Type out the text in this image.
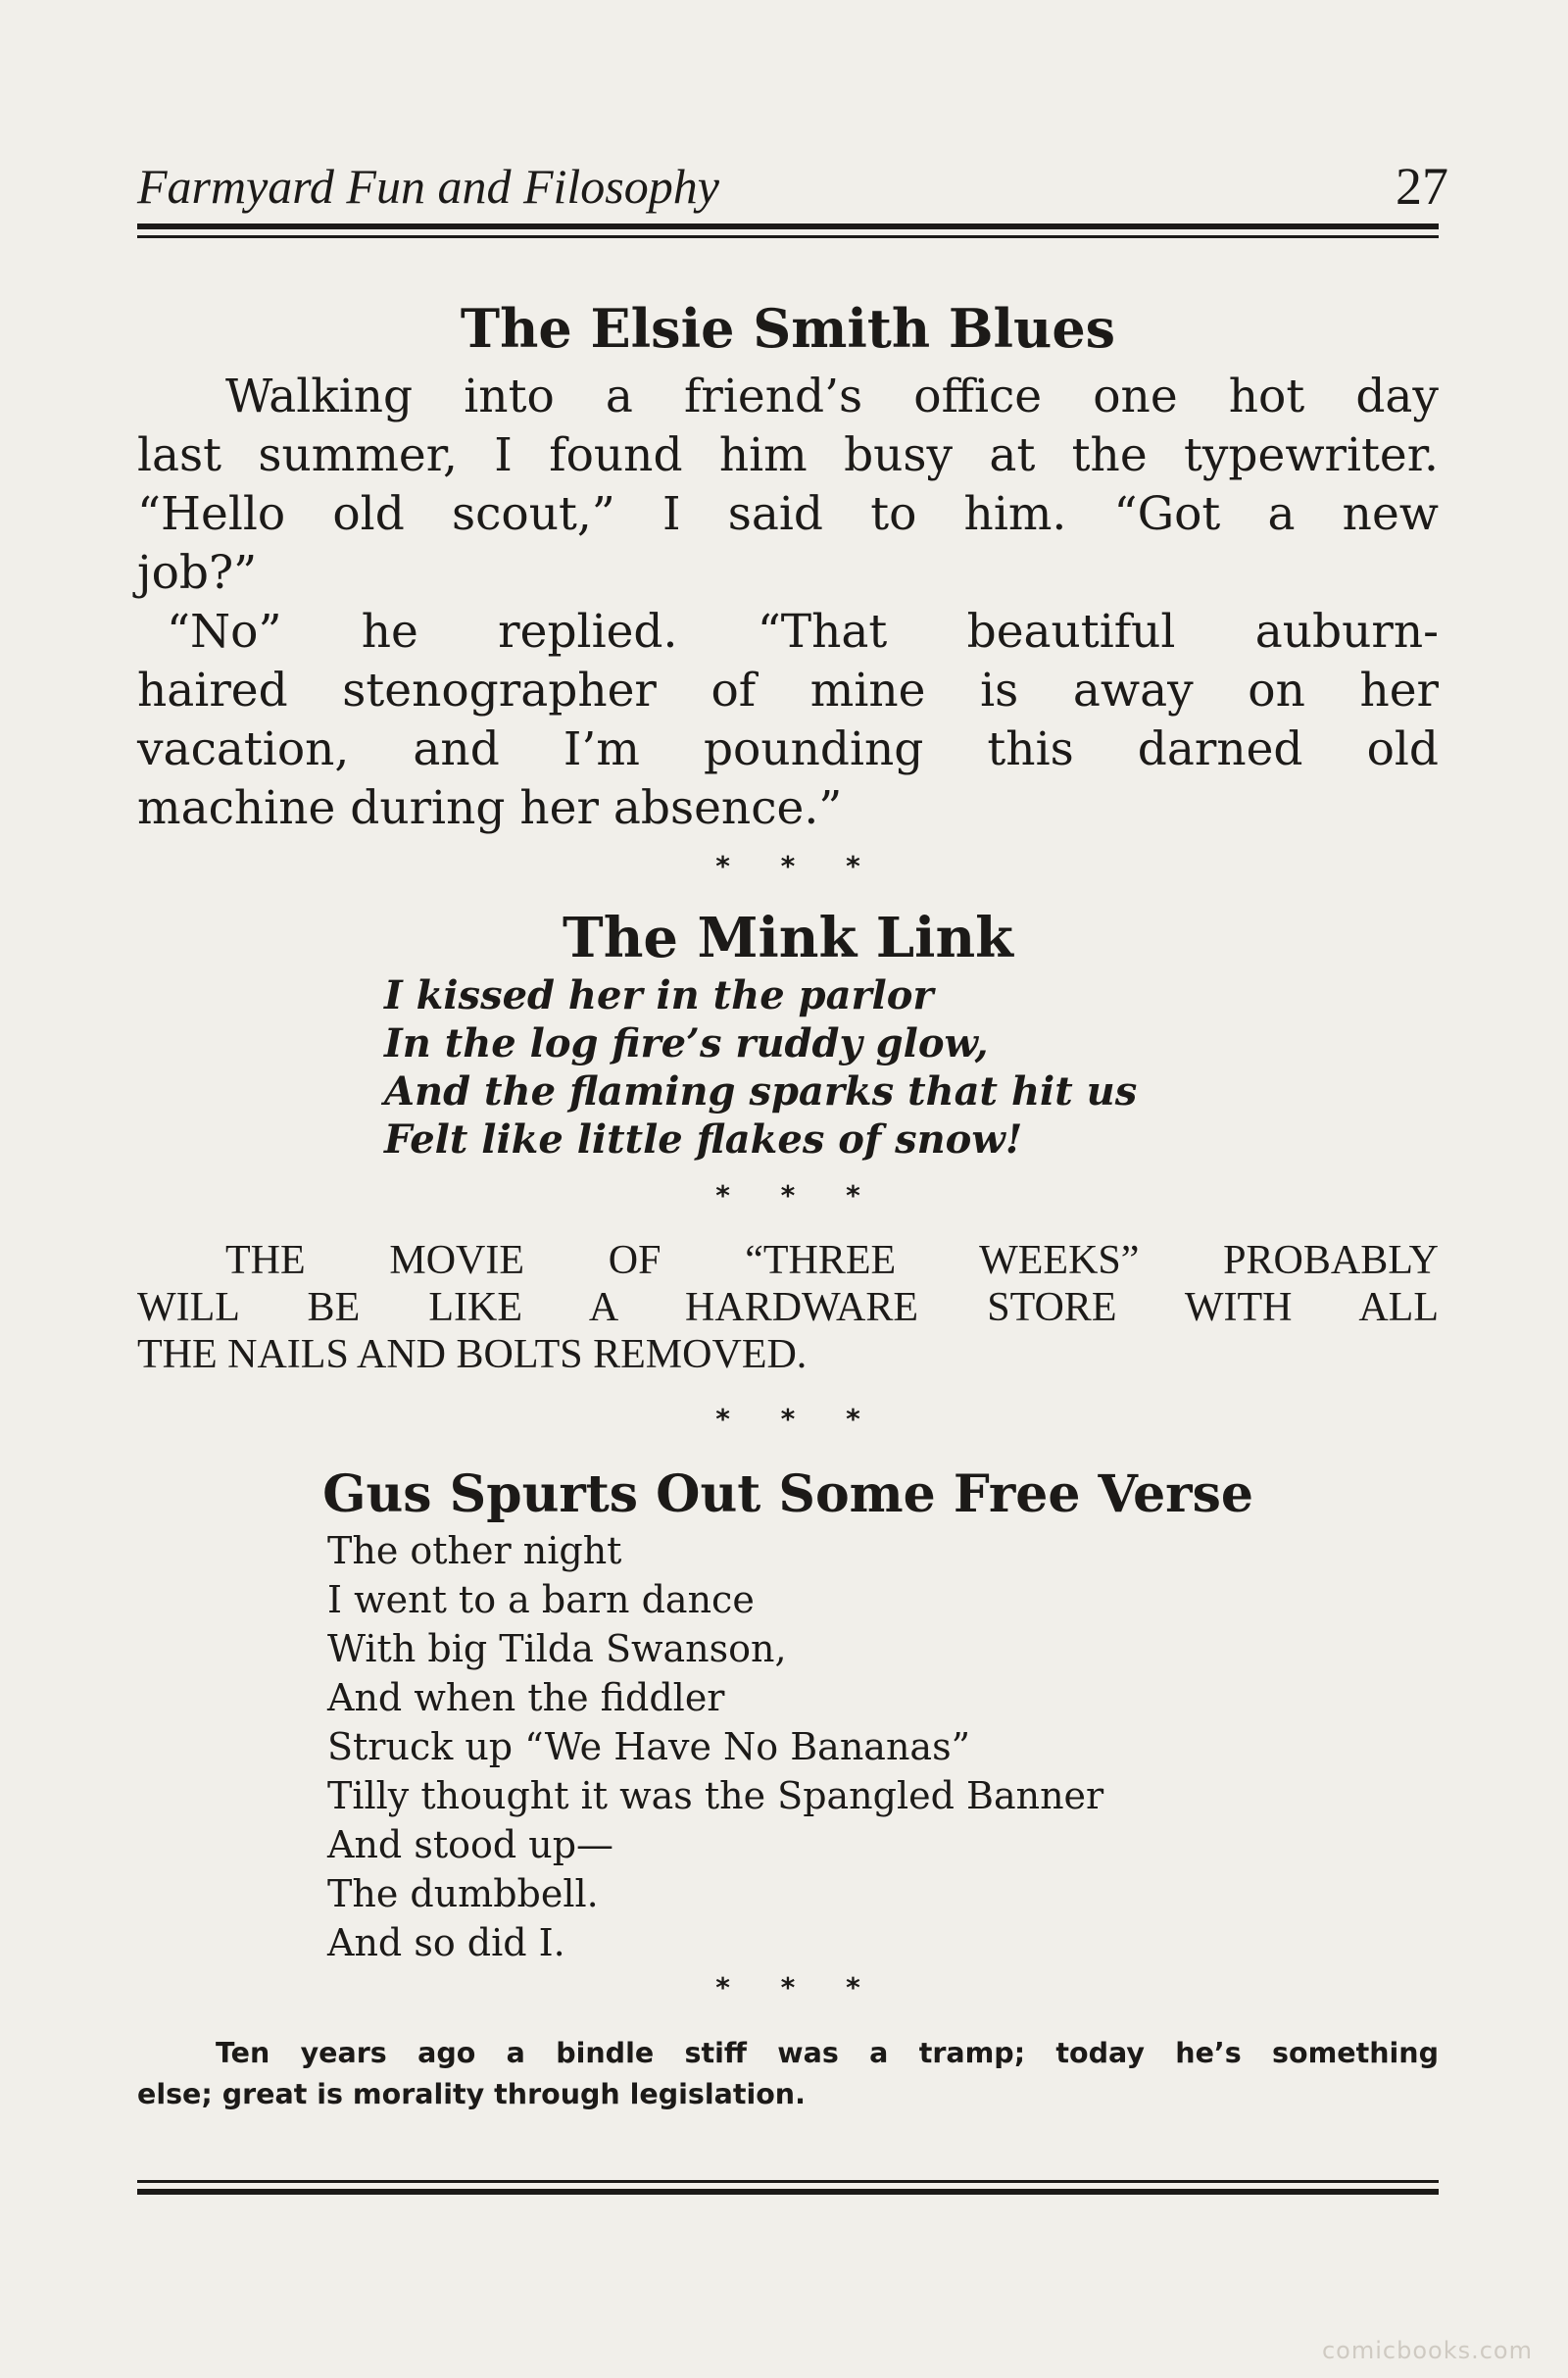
Farmyard Fun and Filosophy	27
The Elsie Smith Blues

Walking into a friend’s office one hot day

last summer, I found him busy at the typewriter.

“Hello old scout,” I said to him. “Got a new

job?”

“No” he replied. “That beautiful auburn-

haired stenographer of mine is away on her

vacation, and I’m pounding this darned old

machine during her absence.”

* * *
The Mink Link
I kissed her in the parlor
In the log fire’s ruddy glow,
And the flaming sparks that hit us
Felt like little flakes of snow!
* * *

THE MOVIE OF “THREE WEEKS” PROBABLY

WILL BE LIKE A HARDWARE STORE WITH ALL

THE NAILS AND BOLTS REMOVED.

* * *
Gus Spurts Out Some Free Verse
The other night
I went to a barn dance
With big Tilda Swanson,
And when the fiddler
Struck up “We Have No Bananas”
Tilly thought it was the Spangled Banner
And stood up—
The dumbbell.
And so did I.
* * *

Ten years ago a bindle stiff was a tramp; today he’s something

else; great is morality through legislation.

comicbooks.com
